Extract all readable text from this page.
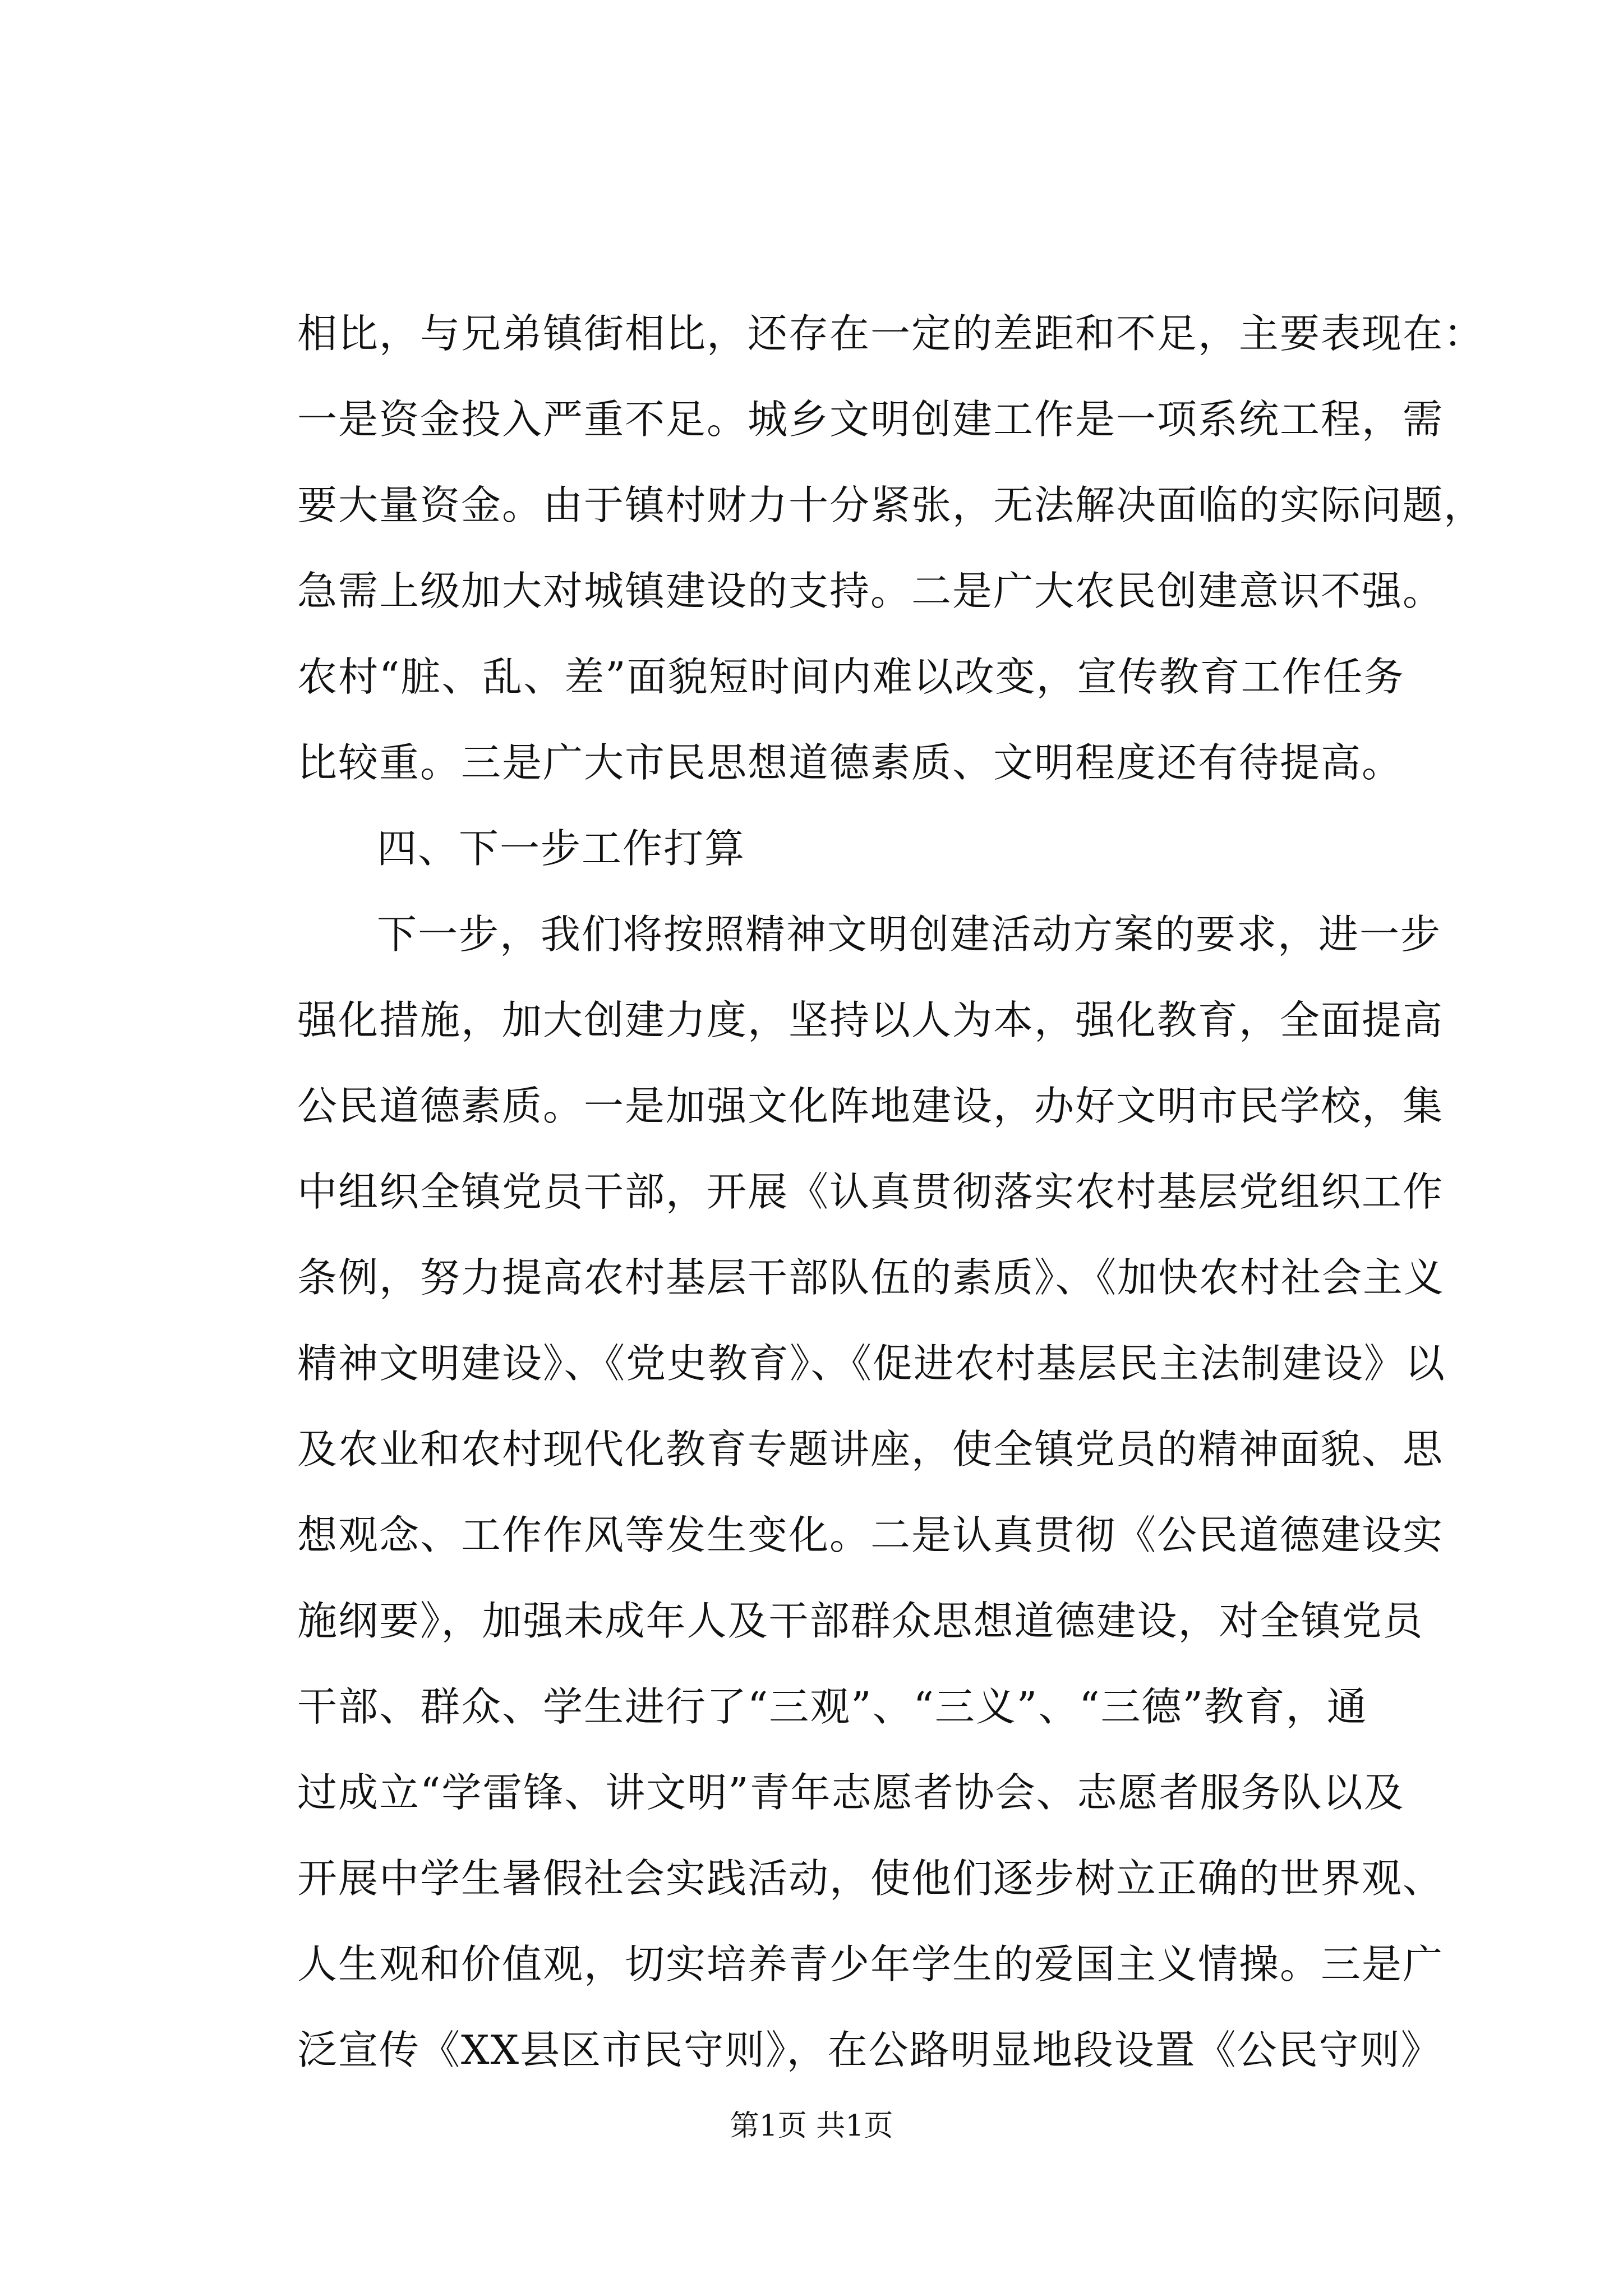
相比，与兄弟镇街相比，还存在一定的差距和不足，主要表现在：
一是资金投入严重不足。城乡文明创建工作是一项系统工程，需
要大量资金。由于镇村财力十分紧张，无法解决面临的实际问题，
急需上级加大对城镇建设的支持。二是广大农民创建意识不强。
农村“脏、乱、差”面貌短时间内难以改变，宣传教育工作任务
比较重。三是广大市民思想道德素质、文明程度还有待提高。
四、下一步工作打算
下一步，我们将按照精神文明创建活动方案的要求，进一步
强化措施，加大创建力度，坚持以人为本，强化教育，全面提高
公民道德素质。一是加强文化阵地建设，办好文明市民学校，集
中组织全镇党员干部，开展《认真贯彻落实农村基层党组织工作
条例，努力提高农村基层干部队伍的素质》、《加快农村社会主义
精神文明建设》、《党史教育》、《促进农村基层民主法制建设》以
及农业和农村现代化教育专题讲座，使全镇党员的精神面貌、思
想观念、工作作风等发生变化。二是认真贯彻《公民道德建设实
施纲要》，加强未成年人及干部群众思想道德建设，对全镇党员
干部、群众、学生进行了“三观”、“三义”、“三德”教育，通
过成立“学雷锋、讲文明”青年志愿者协会、志愿者服务队以及
开展中学生暑假社会实践活动，使他们逐步树立正确的世界观、
人生观和价值观，切实培养青少年学生的爱国主义情操。三是广
泛宣传《XX县区市民守则》，在公路明显地段设置《公民守则》
第1页 共1页
